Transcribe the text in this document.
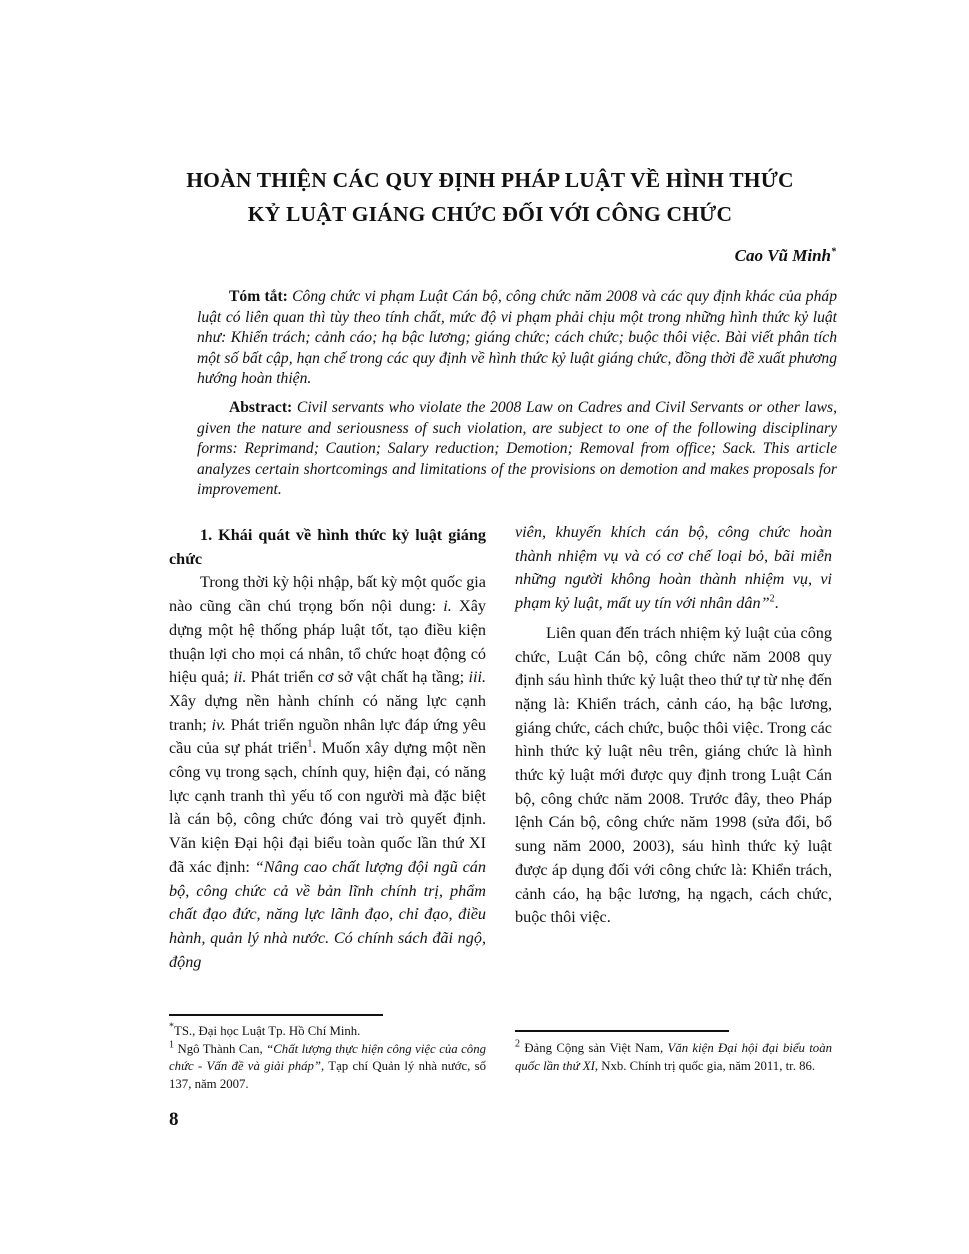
HOÀN THIỆN CÁC QUY ĐỊNH PHÁP LUẬT VỀ HÌNH THỨC
KỶ LUẬT GIÁNG CHỨC ĐỐI VỚI CÔNG CHỨC
Cao Vũ Minh*
Tóm tắt: Công chức vi phạm Luật Cán bộ, công chức năm 2008 và các quy định khác của pháp luật có liên quan thì tùy theo tính chất, mức độ vi phạm phải chịu một trong những hình thức kỷ luật như: Khiển trách; cảnh cáo; hạ bậc lương; giáng chức; cách chức; buộc thôi việc. Bài viết phân tích một số bất cập, hạn chế trong các quy định về hình thức kỷ luật giáng chức, đồng thời đề xuất phương hướng hoàn thiện.
Abstract: Civil servants who violate the 2008 Law on Cadres and Civil Servants or other laws, given the nature and seriousness of such violation, are subject to one of the following disciplinary forms: Reprimand; Caution; Salary reduction; Demotion; Removal from office; Sack. This article analyzes certain shortcomings and limitations of the provisions on demotion and makes proposals for improvement.

1. Khái quát về hình thức kỷ luật giáng chức

Trong thời kỳ hội nhập, bất kỳ một quốc gia nào cũng cần chú trọng bốn nội dung: i. Xây dựng một hệ thống pháp luật tốt, tạo điều kiện thuận lợi cho mọi cá nhân, tổ chức hoạt động có hiệu quả; ii. Phát triển cơ sở vật chất hạ tầng; iii. Xây dựng nền hành chính có năng lực cạnh tranh; iv. Phát triển nguồn nhân lực đáp ứng yêu cầu của sự phát triển$^1$. Muốn xây dựng một nền công vụ trong sạch, chính quy, hiện đại, có năng lực cạnh tranh thì yếu tố con người mà đặc biệt là cán bộ, công chức đóng vai trò quyết định. Văn kiện Đại hội đại biểu toàn quốc lần thứ XI đã xác định: “Nâng cao chất lượng đội ngũ cán bộ, công chức cả về bản lĩnh chính trị, phẩm chất đạo đức, năng lực lãnh đạo, chỉ đạo, điều hành, quản lý nhà nước. Có chính sách đãi ngộ, động

viên, khuyến khích cán bộ, công chức hoàn thành nhiệm vụ và có cơ chế loại bỏ, bãi miễn những người không hoàn thành nhiệm vụ, vi phạm kỷ luật, mất uy tín với nhân dân”$^2$.

Liên quan đến trách nhiệm kỷ luật của công chức, Luật Cán bộ, công chức năm 2008 quy định sáu hình thức kỷ luật theo thứ tự từ nhẹ đến nặng là: Khiển trách, cảnh cáo, hạ bậc lương, giáng chức, cách chức, buộc thôi việc. Trong các hình thức kỷ luật nêu trên, giáng chức là hình thức kỷ luật mới được quy định trong Luật Cán bộ, công chức năm 2008. Trước đây, theo Pháp lệnh Cán bộ, công chức năm 1998 (sửa đổi, bổ sung năm 2000, 2003), sáu hình thức kỷ luật được áp dụng đối với công chức là: Khiển trách, cảnh cáo, hạ bậc lương, hạ ngạch, cách chức, buộc thôi việc.

*TS., Đại học Luật Tp. Hồ Chí Minh.
$^1$ Ngô Thành Can, “Chất lượng thực hiện công việc của công chức - Vấn đề và giải pháp”, Tạp chí Quản lý nhà nước, số 137, năm 2007.
$^2$ Đảng Cộng sản Việt Nam, Văn kiện Đại hội đại biểu toàn quốc lần thứ XI, Nxb. Chính trị quốc gia, năm 2011, tr. 86.
8
